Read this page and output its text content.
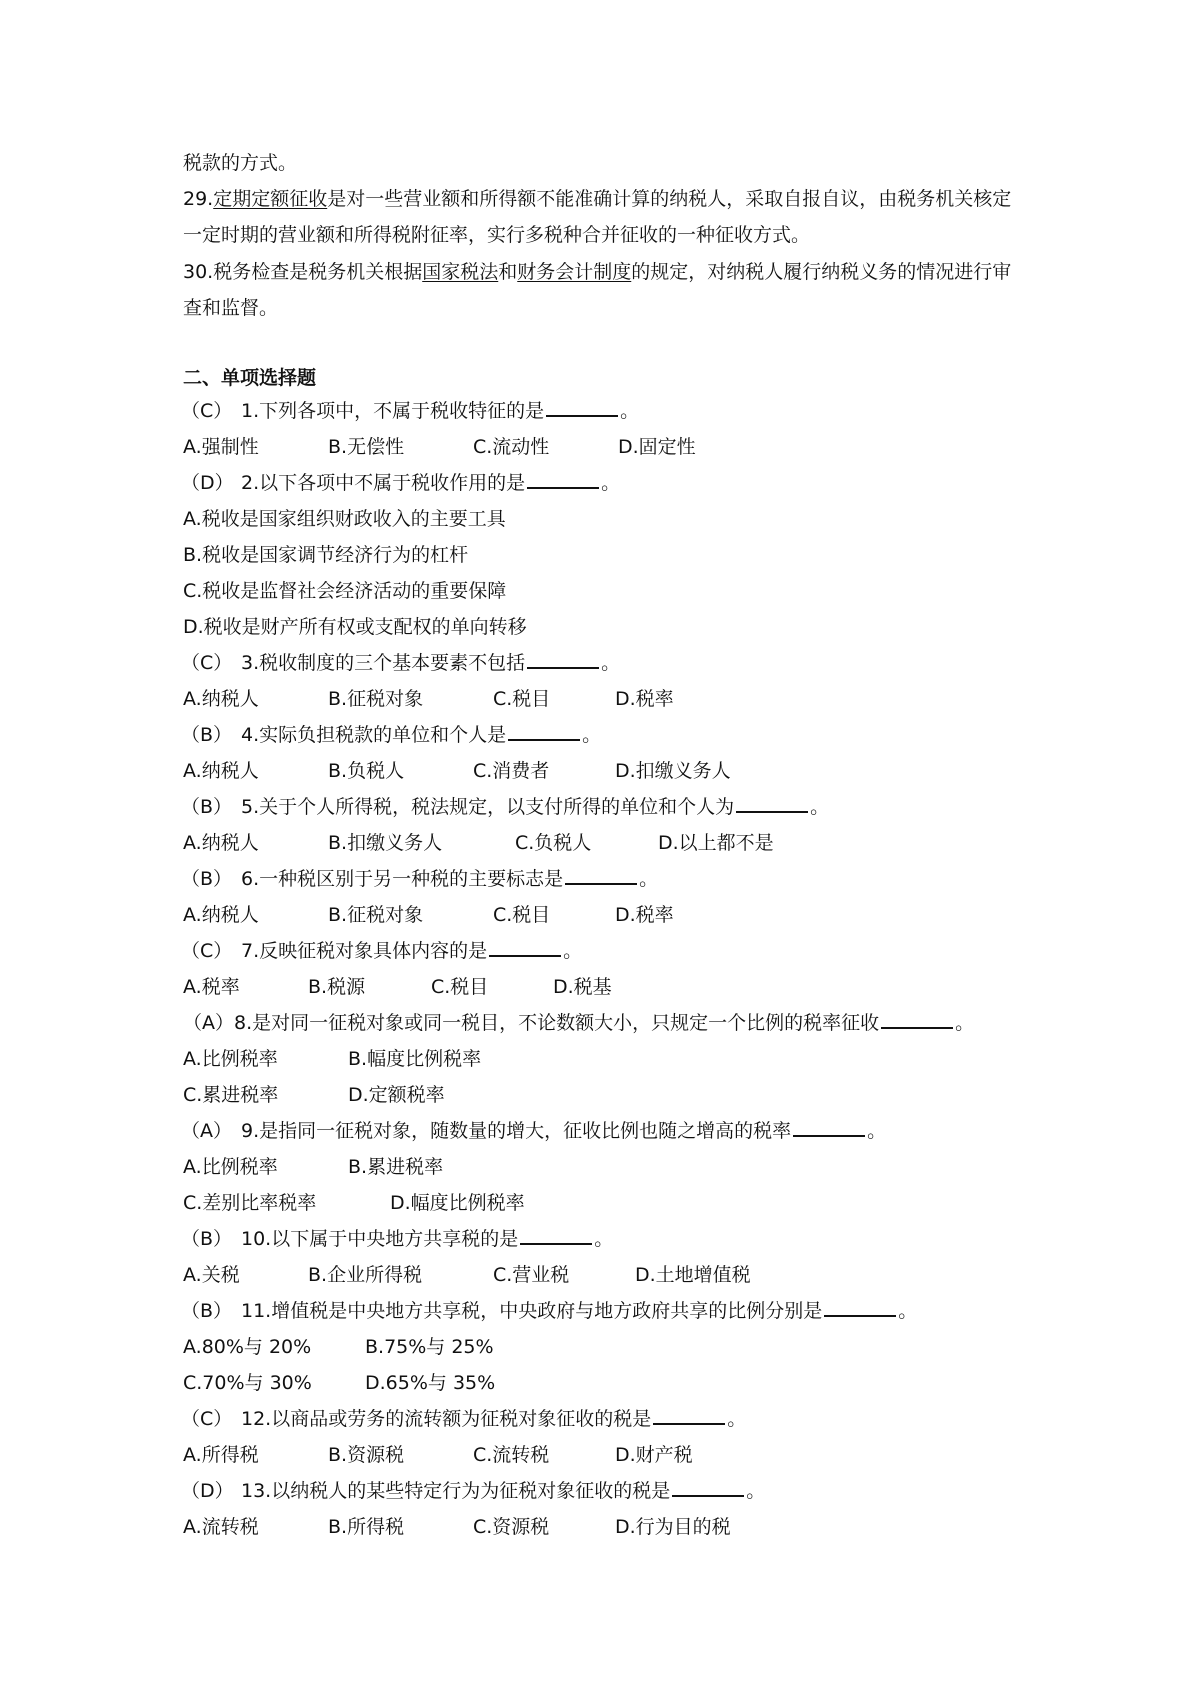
税款的方式。
29.定期定额征收是对一些营业额和所得额不能准确计算的纳税人，采取自报自议，由税务机关核定一定时期的营业额和所得税附征率，实行多税种合并征收的一种征收方式。
30.税务检查是税务机关根据国家税法和财务会计制度的规定，对纳税人履行纳税义务的情况进行审查和监督。
二、单项选择题
（C） 1.下列各项中，不属于税收特征的是	。
A.强制性	B.无偿性	C.流动性	D.固定性
（D） 2.以下各项中不属于税收作用的是	。
A.税收是国家组织财政收入的主要工具
B.税收是国家调节经济行为的杠杆
C.税收是监督社会经济活动的重要保障
D.税收是财产所有权或支配权的单向转移
（C） 3.税收制度的三个基本要素不包括	。
A.纳税人	B.征税对象	C.税目	D.税率
（B） 4.实际负担税款的单位和个人是	。
A.纳税人	B.负税人	C.消费者	D.扣缴义务人
（B） 5.关于个人所得税，税法规定，以支付所得的单位和个人为	。
A.纳税人	B.扣缴义务人	C.负税人	D.以上都不是
（B） 6.一种税区别于另一种税的主要标志是	。
A.纳税人	B.征税对象	C.税目	D.税率
（C） 7.反映征税对象具体内容的是	。
A.税率	B.税源	C.税目	D.税基
（A）8.是对同一征税对象或同一税目，不论数额大小，只规定一个比例的税率征收	。
A.比例税率	B.幅度比例税率
C.累进税率	D.定额税率
（A） 9.是指同一征税对象，随数量的增大，征收比例也随之增高的税率	。
A.比例税率	B.累进税率
C.差别比率税率	D.幅度比例税率
（B） 10.以下属于中央地方共享税的是	。
A.关税	B.企业所得税	C.营业税	D.土地增值税
（B） 11.增值税是中央地方共享税，中央政府与地方政府共享的比例分别是	。
A.80%与 20%	B.75%与 25%
C.70%与 30%	D.65%与 35%
（C） 12.以商品或劳务的流转额为征税对象征收的税是	。
A.所得税	B.资源税	C.流转税	D.财产税
（D） 13.以纳税人的某些特定行为为征税对象征收的税是	。
A.流转税	B.所得税	C.资源税	D.行为目的税
